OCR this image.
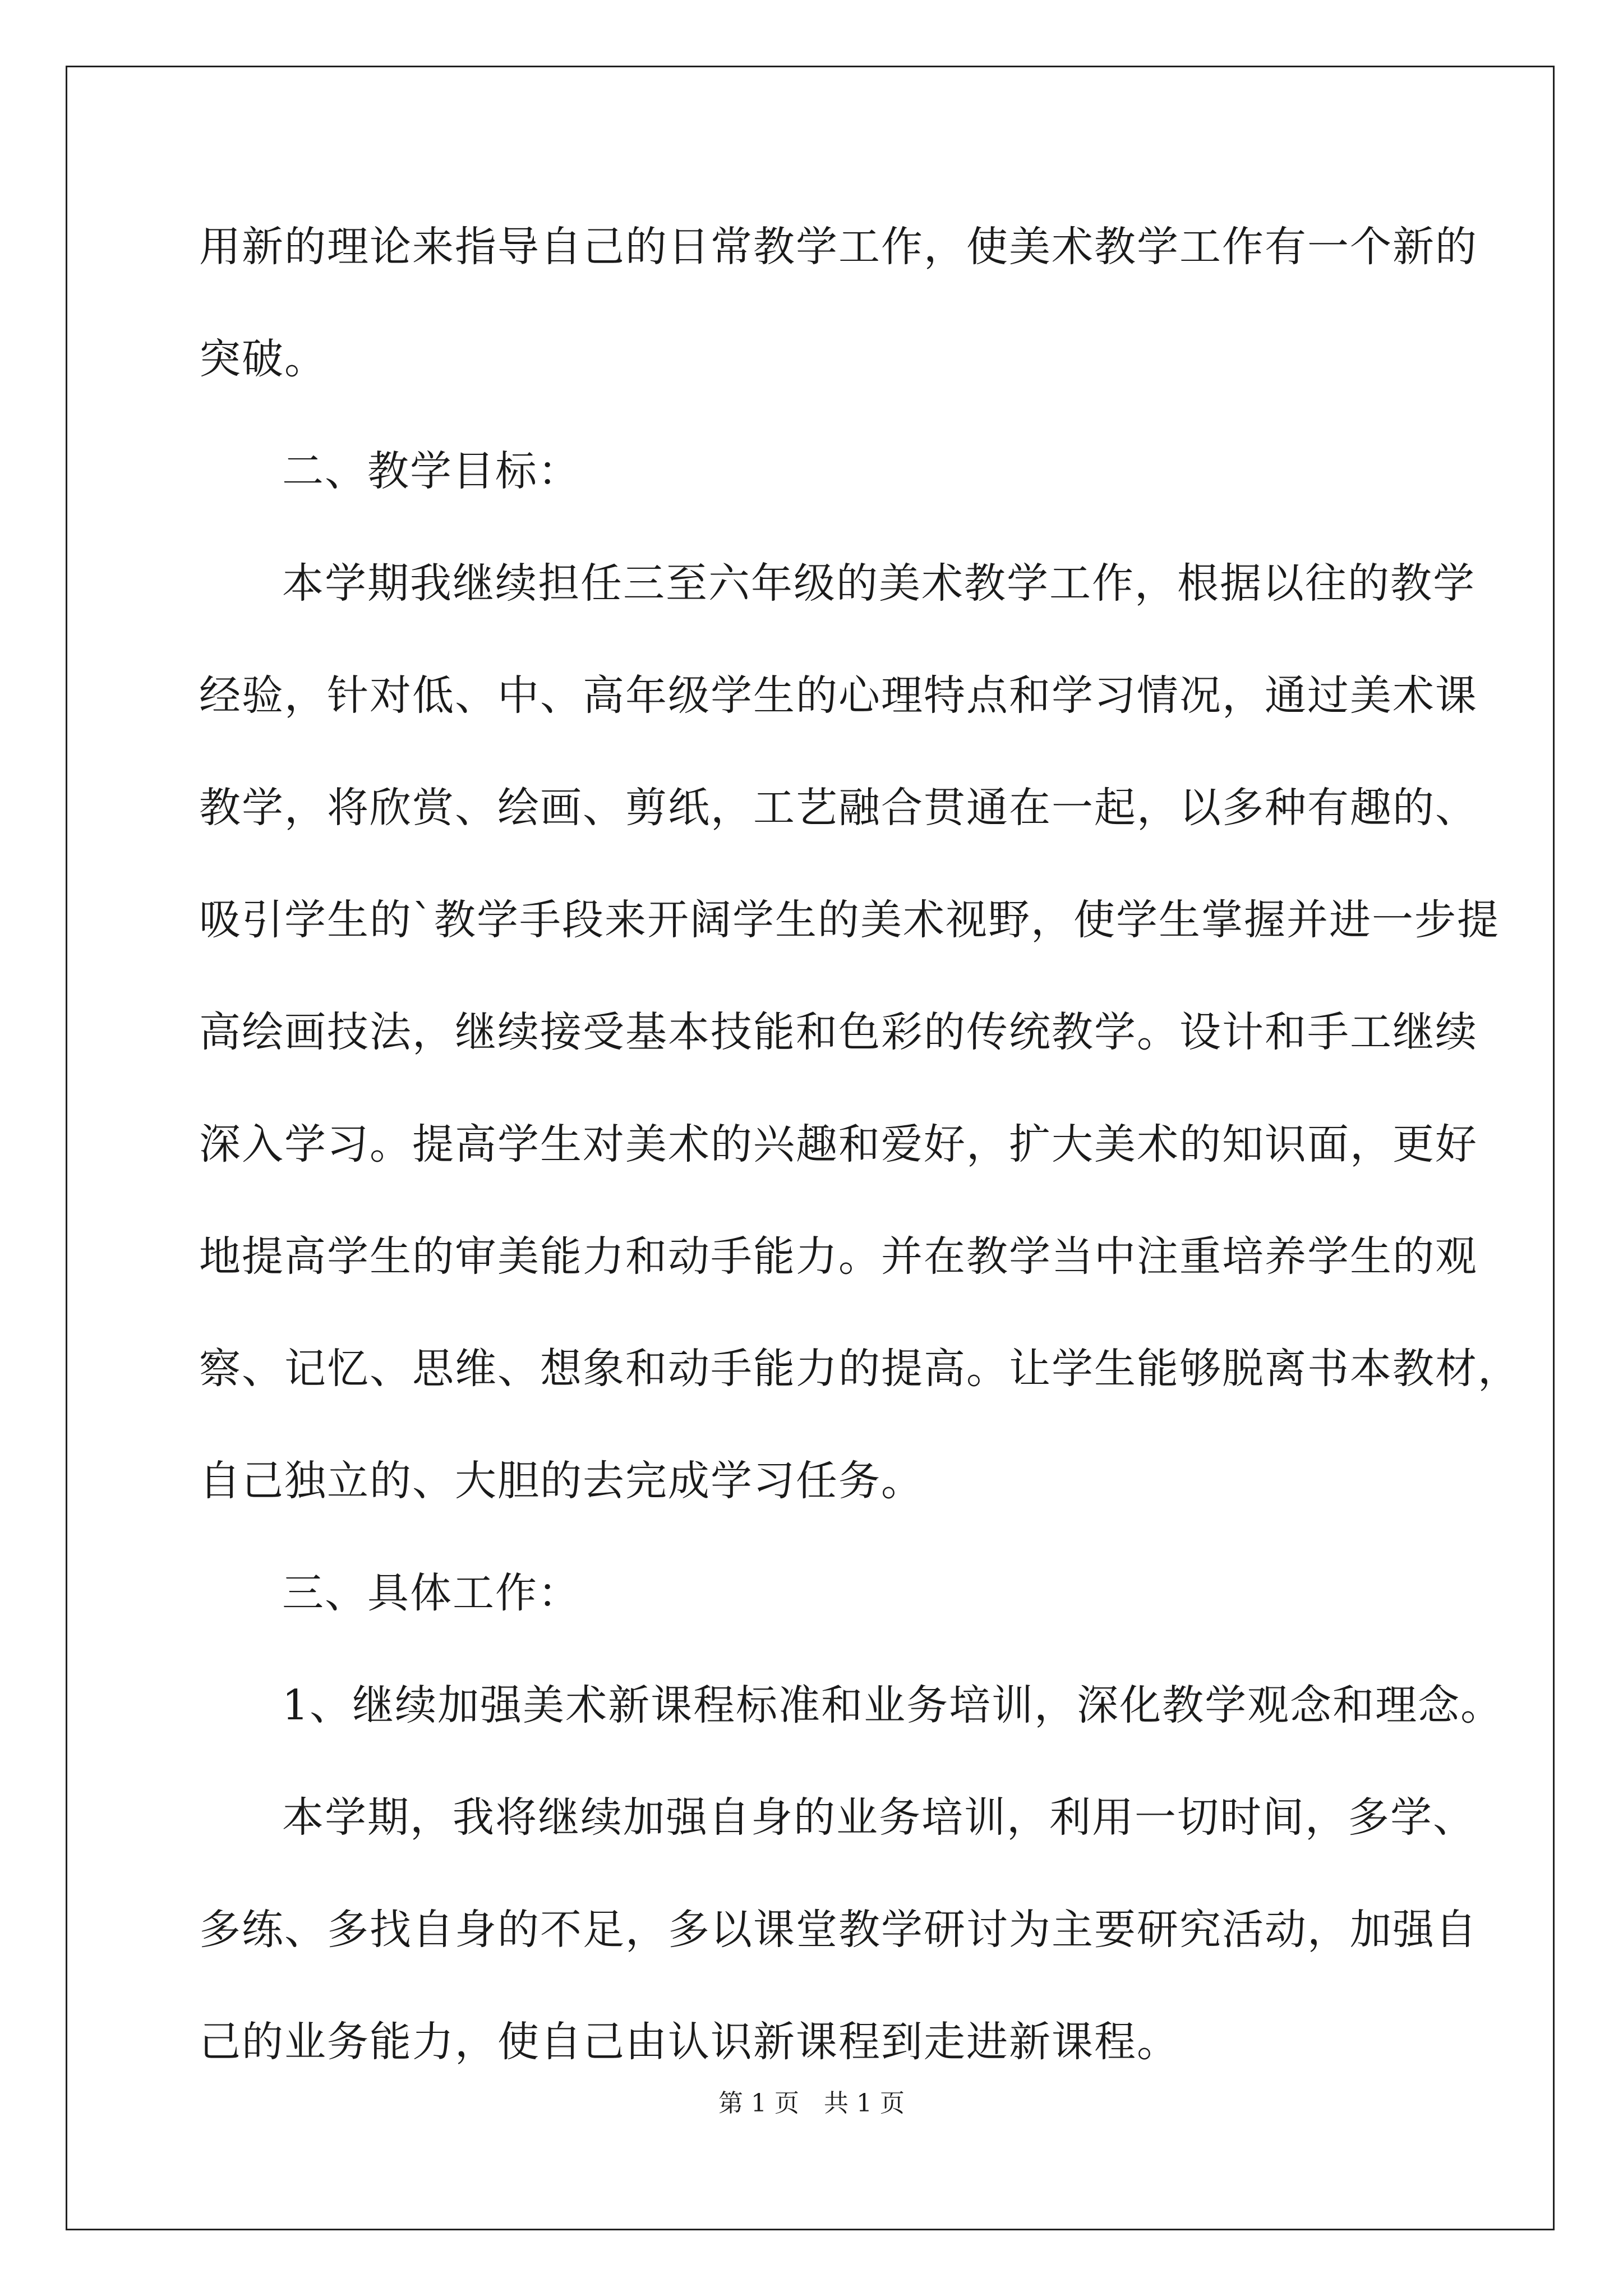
用新的理论来指导自己的日常教学工作，使美术教学工作有一个新的
突破。
二、教学目标：
本学期我继续担任三至六年级的美术教学工作，根据以往的教学
经验，针对低、中、高年级学生的心理特点和学习情况，通过美术课
教学，将欣赏、绘画、剪纸，工艺融合贯通在一起，以多种有趣的、
吸引学生的`教学手段来开阔学生的美术视野，使学生掌握并进一步提
高绘画技法，继续接受基本技能和色彩的传统教学。设计和手工继续
深入学习。提高学生对美术的兴趣和爱好，扩大美术的知识面，更好
地提高学生的审美能力和动手能力。并在教学当中注重培养学生的观
察、记忆、思维、想象和动手能力的提高。让学生能够脱离书本教材，
自己独立的、大胆的去完成学习任务。
三、具体工作：
1、继续加强美术新课程标准和业务培训，深化教学观念和理念。
本学期，我将继续加强自身的业务培训，利用一切时间，多学、
多练、多找自身的不足，多以课堂教学研讨为主要研究活动，加强自
己的业务能力，使自己由认识新课程到走进新课程。
第 1 页　共 1 页
